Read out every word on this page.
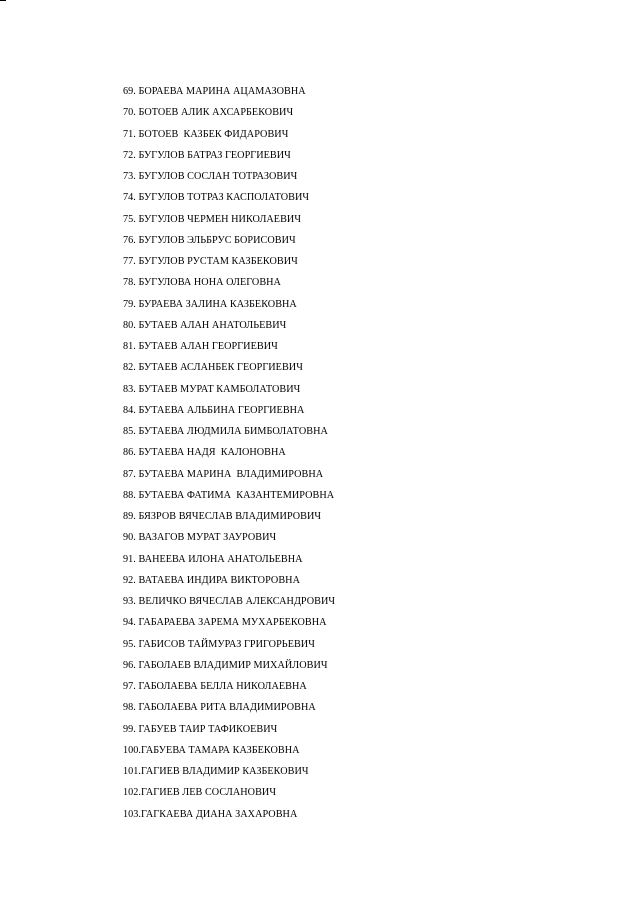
69. БОРАЕВА МАРИНА АЦАМАЗОВНА
70. БОТОЕВ АЛИК АХСАРБЕКОВИЧ
71. БОТОЕВ  КАЗБЕК ФИДАРОВИЧ
72. БУГУЛОВ БАТРАЗ ГЕОРГИЕВИЧ
73. БУГУЛОВ СОСЛАН ТОТРАЗОВИЧ
74. БУГУЛОВ ТОТРАЗ КАСПОЛАТОВИЧ
75. БУГУЛОВ ЧЕРМЕН НИКОЛАЕВИЧ
76. БУГУЛОВ ЭЛЬБРУС БОРИСОВИЧ
77. БУГУЛОВ РУСТАМ КАЗБЕКОВИЧ
78. БУГУЛОВА НОНА ОЛЕГОВНА
79. БУРАЕВА ЗАЛИНА КАЗБЕКОВНА
80. БУТАЕВ АЛАН АНАТОЛЬЕВИЧ
81. БУТАЕВ АЛАН ГЕОРГИЕВИЧ
82. БУТАЕВ АСЛАНБЕК ГЕОРГИЕВИЧ
83. БУТАЕВ МУРАТ КАМБОЛАТОВИЧ
84. БУТАЕВА АЛЬБИНА ГЕОРГИЕВНА
85. БУТАЕВА ЛЮДМИЛА БИМБОЛАТОВНА
86. БУТАЕВА НАДЯ  КАЛОНОВНА
87. БУТАЕВА МАРИНА  ВЛАДИМИРОВНА
88. БУТАЕВА ФАТИМА  КАЗАНТЕМИРОВНА
89. БЯЗРОВ ВЯЧЕСЛАВ ВЛАДИМИРОВИЧ
90. ВАЗАГОВ МУРАТ ЗАУРОВИЧ
91. ВАНЕЕВА ИЛОНА АНАТОЛЬЕВНА
92. ВАТАЕВА ИНДИРА ВИКТОРОВНА
93. ВЕЛИЧКО ВЯЧЕСЛАВ АЛЕКСАНДРОВИЧ
94. ГАБАРАЕВА ЗАРЕМА МУХАРБЕКОВНА
95. ГАБИСОВ ТАЙМУРАЗ ГРИГОРЬЕВИЧ
96. ГАБОЛАЕВ ВЛАДИМИР МИХАЙЛОВИЧ
97. ГАБОЛАЕВА БЕЛЛА НИКОЛАЕВНА
98. ГАБОЛАЕВА РИТА ВЛАДИМИРОВНА
99. ГАБУЕВ ТАИР ТАФИКОЕВИЧ
100.ГАБУЕВА ТАМАРА КАЗБЕКОВНА
101.ГАГИЕВ ВЛАДИМИР КАЗБЕКОВИЧ
102.ГАГИЕВ ЛЕВ СОСЛАНОВИЧ
103.ГАГКАЕВА ДИАНА ЗАХАРОВНА
